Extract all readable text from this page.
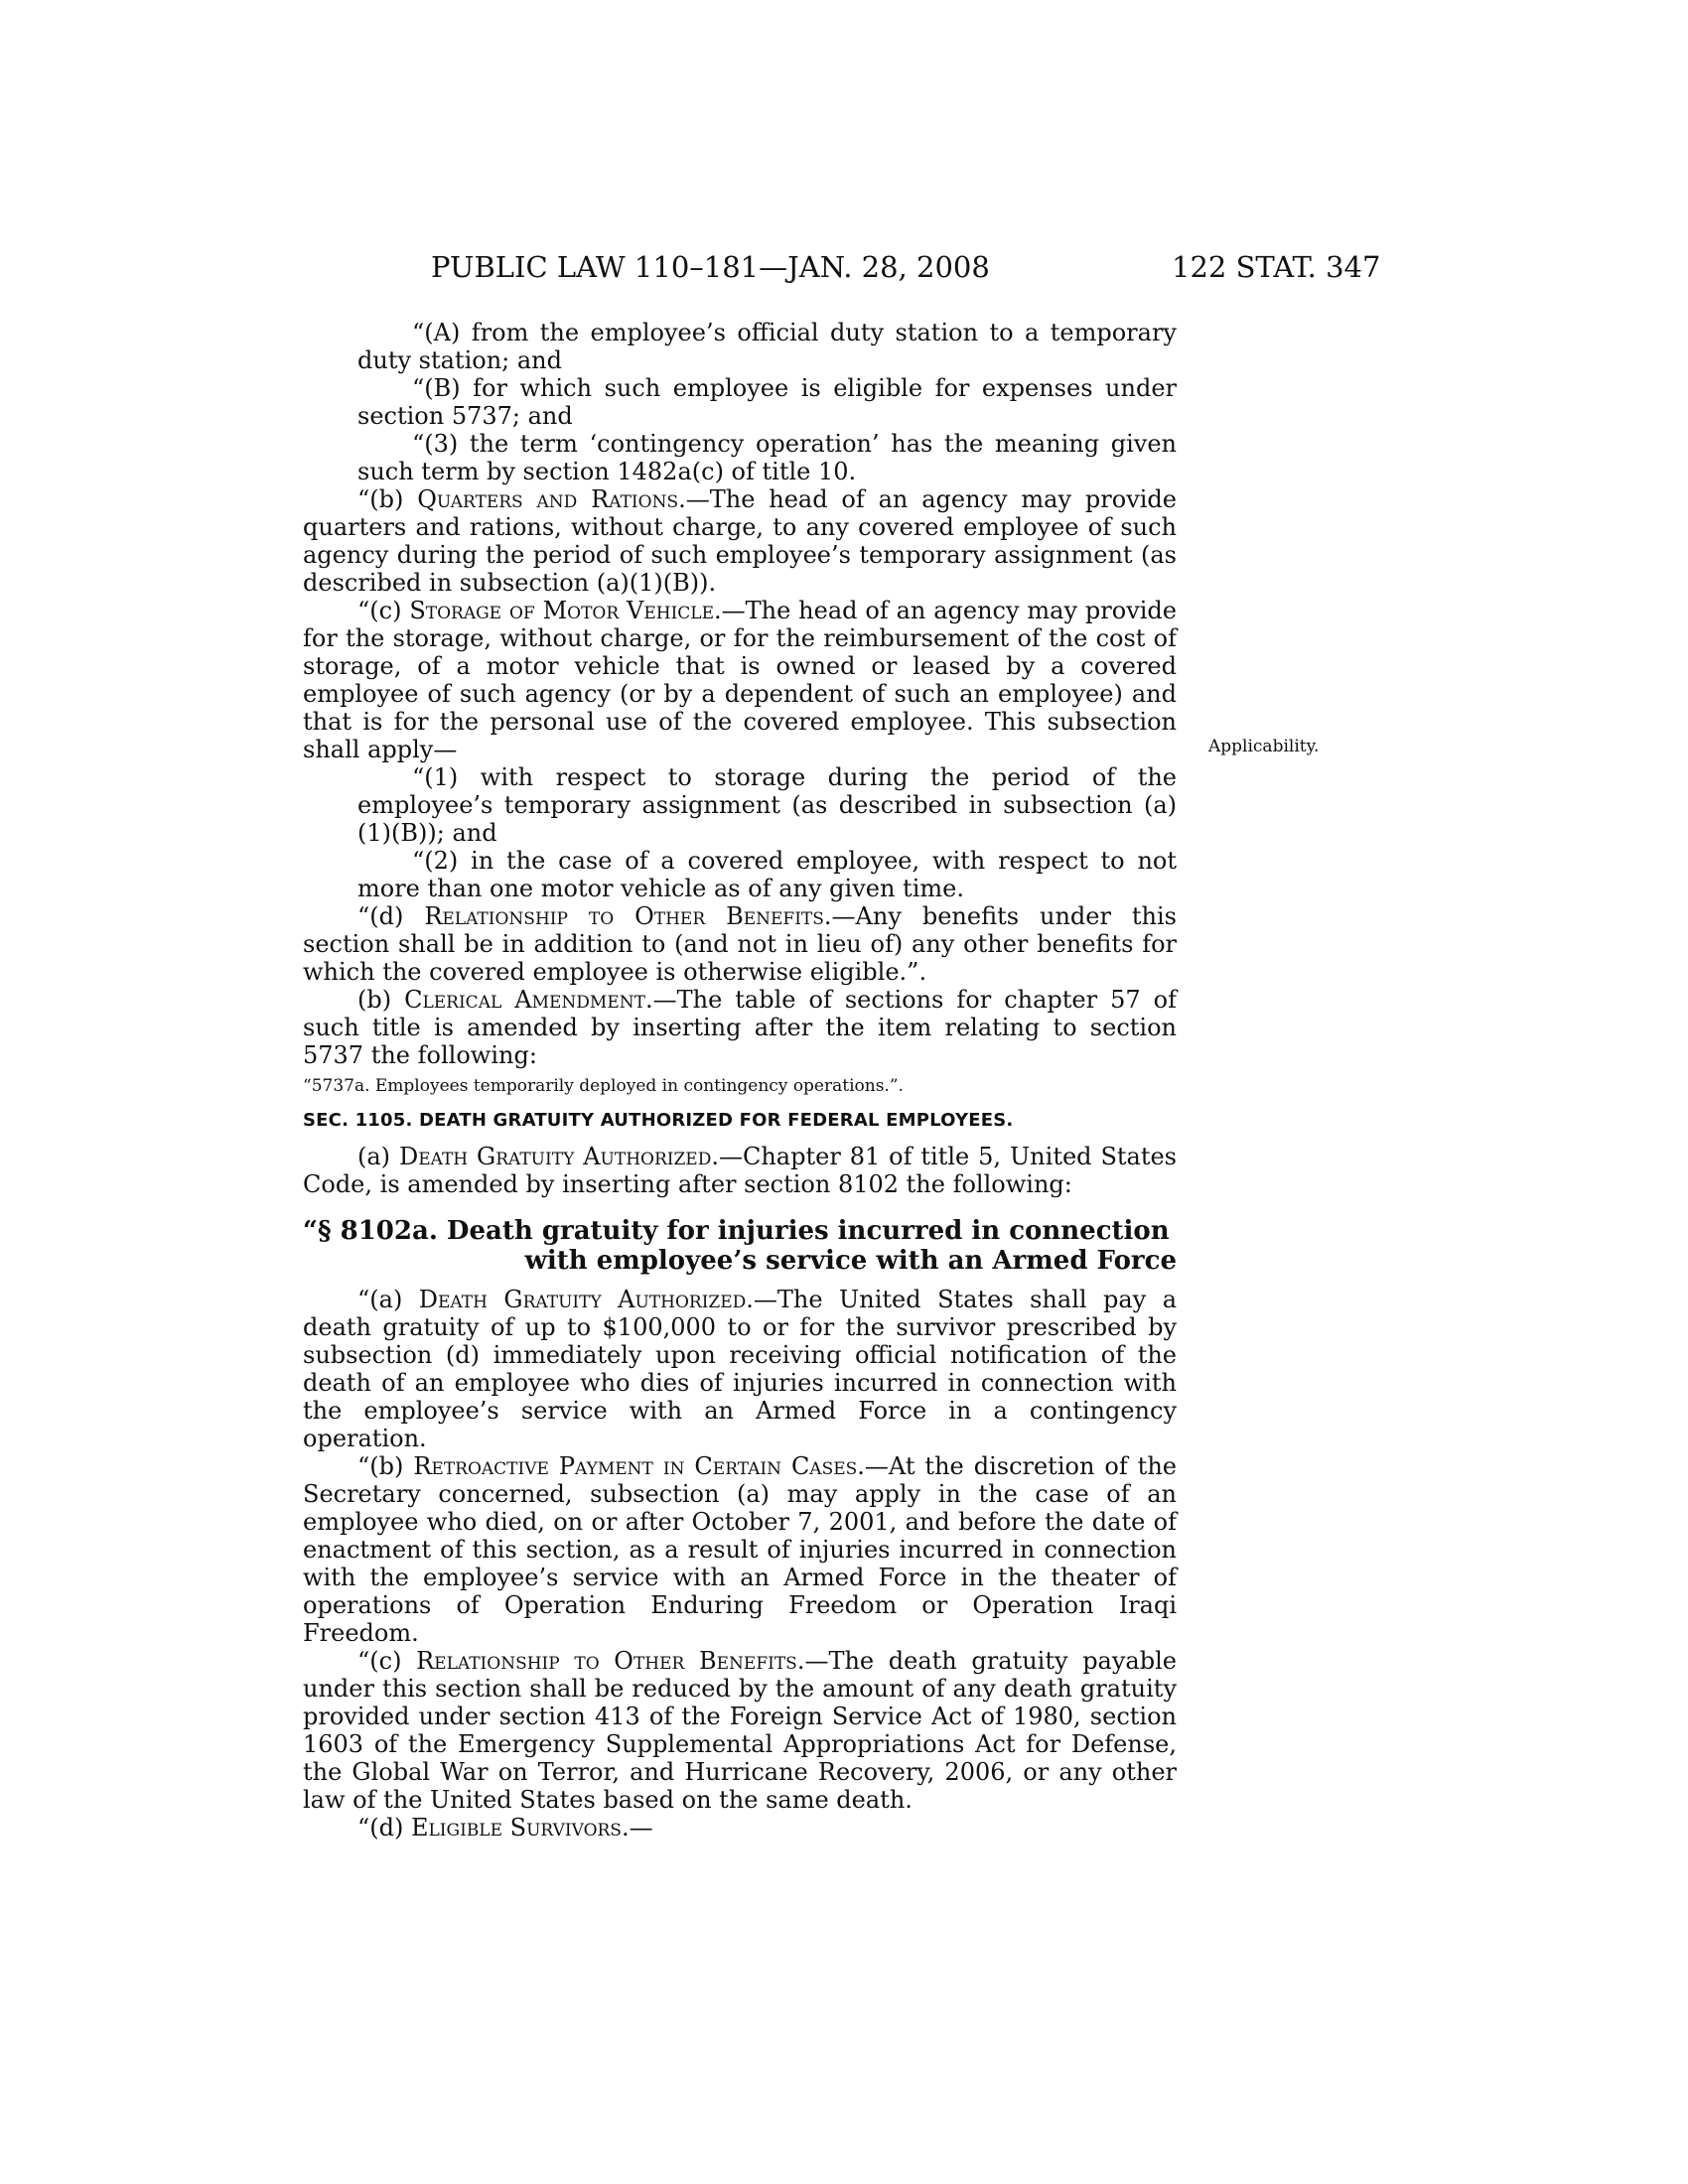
PUBLIC LAW 110–181—JAN. 28, 2008	122 STAT. 347
Applicability.

“(A) from the employee’s official duty station to a temporary duty station; and

“(B) for which such employee is eligible for expenses under section 5737; and

“(3) the term ‘contingency operation’ has the meaning given such term by section 1482a(c) of title 10.

“(b) Quarters and Rations.—The head of an agency may provide quarters and rations, without charge, to any covered employee of such agency during the period of such employee’s temporary assignment (as described in subsection (a)(1)(B)).

“(c) Storage of Motor Vehicle.—The head of an agency may provide for the storage, without charge, or for the reimbursement of the cost of storage, of a motor vehicle that is owned or leased by a covered employee of such agency (or by a dependent of such an employee) and that is for the personal use of the covered employee. This subsection shall apply—

“(1) with respect to storage during the period of the employee’s temporary assignment (as described in subsection (a)(1)(B)); and

“(2) in the case of a covered employee, with respect to not more than one motor vehicle as of any given time.

“(d) Relationship to Other Benefits.—Any benefits under this section shall be in addition to (and not in lieu of) any other benefits for which the covered employee is otherwise eligible.”.

(b) Clerical Amendment.—The table of sections for chapter 57 of such title is amended by inserting after the item relating to section 5737 the following:

“5737a. Employees temporarily deployed in contingency operations.”.

SEC. 1105. DEATH GRATUITY AUTHORIZED FOR FEDERAL EMPLOYEES.

(a) Death Gratuity Authorized.—Chapter 81 of title 5, United States Code, is amended by inserting after section 8102 the following:

“§ 8102a. Death gratuity for injuries incurred in connection
with employee’s service with an Armed Force

“(a) Death Gratuity Authorized.—The United States shall pay a death gratuity of up to $100,000 to or for the survivor prescribed by subsection (d) immediately upon receiving official notification of the death of an employee who dies of injuries incurred in connection with the employee’s service with an Armed Force in a contingency operation.

“(b) Retroactive Payment in Certain Cases.—At the discretion of the Secretary concerned, subsection (a) may apply in the case of an employee who died, on or after October 7, 2001, and before the date of enactment of this section, as a result of injuries incurred in connection with the employee’s service with an Armed Force in the theater of operations of Operation Enduring Freedom or Operation Iraqi Freedom.

“(c) Relationship to Other Benefits.—The death gratuity payable under this section shall be reduced by the amount of any death gratuity provided under section 413 of the Foreign Service Act of 1980, section 1603 of the Emergency Supplemental Appropriations Act for Defense, the Global War on Terror, and Hurricane Recovery, 2006, or any other law of the United States based on the same death.

“(d) Eligible Survivors.—
